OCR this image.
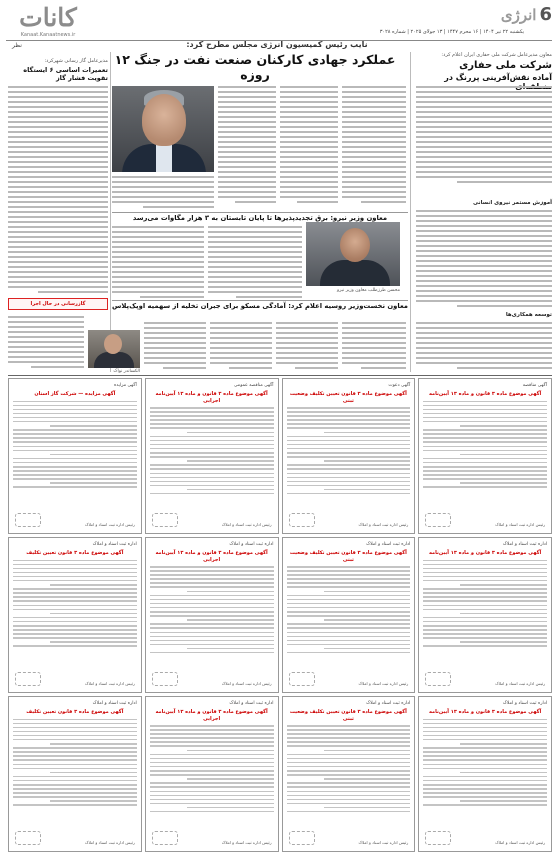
کانات
Kanaat.Kanaatnews.ir
انرژی 6
یکشنبه ۲۲ تیر ۱۴۰۴ | ۱۶ محرم ۱۴۴۷ | ۱۳ جولای ۲۰۲۵ | شماره ۳۰۲۸
نظر	نایب رئیس کمیسیون انرژی مجلس مطرح کرد:
عملکرد جهادی کارکنان صنعت نفت در جنگ ۱۲ روزه
معاون مدیرعامل شرکت ملی حفاری ایران اعلام کرد:
شرکت ملی حفاری
آماده نقش‌آفرینی پررنگ در
آموزش مستمر نیروی انسانی
توسعه همکاری‌ها
مدیرعامل گاز رسانی شهرکرد:
تعمیرات اساسی ۶ ایستگاه تقویت فشار گاز
گازرسانی در حال اجرا
معاون وزیر نیرو: برق تجدیدپذیرها تا پایان تابستان به ۳ هزار مگاوات می‌رسد
محسن طرزطلب معاون وزیر نیرو
معاون نخست‌وزیر روسیه اعلام کرد: آمادگی مسکو برای جبران تخلیه از سهمیه اوپک‌پلاس
الکساندر نواک
آگهی مزایده
آگهی مزایده — شرکت گاز استان
رئیس اداره ثبت اسناد و املاک
آگهی مناقصه عمومی
آگهی موضوع ماده ۳ قانون و ماده ۱۳ آیین‌نامه اجرایی
رئیس اداره ثبت اسناد و املاک
آگهی دعوت
آگهی موضوع ماده ۳ قانون تعیین تکلیف وضعیت ثبتی
رئیس اداره ثبت اسناد و املاک
آگهی مناقصه
آگهی موضوع ماده ۳ قانون و ماده ۱۳ آیین‌نامه
رئیس اداره ثبت اسناد و املاک
اداره ثبت اسناد و املاک
آگهی موضوع ماده ۳ قانون تعیین تکلیف
رئیس اداره ثبت اسناد و املاک
اداره ثبت اسناد و املاک
آگهی موضوع ماده ۳ قانون و ماده ۱۳ آیین‌نامه اجرایی
رئیس اداره ثبت اسناد و املاک
اداره ثبت اسناد و املاک
آگهی موضوع ماده ۳ قانون تعیین تکلیف وضعیت ثبتی
رئیس اداره ثبت اسناد و املاک
اداره ثبت اسناد و املاک
آگهی موضوع ماده ۳ قانون و ماده ۱۳ آیین‌نامه
رئیس اداره ثبت اسناد و املاک
اداره ثبت اسناد و املاک
آگهی موضوع ماده ۳ قانون تعیین تکلیف
رئیس اداره ثبت اسناد و املاک
اداره ثبت اسناد و املاک
آگهی موضوع ماده ۳ قانون و ماده ۱۳ آیین‌نامه اجرایی
رئیس اداره ثبت اسناد و املاک
اداره ثبت اسناد و املاک
آگهی موضوع ماده ۳ قانون تعیین تکلیف وضعیت ثبتی
رئیس اداره ثبت اسناد و املاک
اداره ثبت اسناد و املاک
آگهی موضوع ماده ۳ قانون و ماده ۱۳ آیین‌نامه
رئیس اداره ثبت اسناد و املاک
